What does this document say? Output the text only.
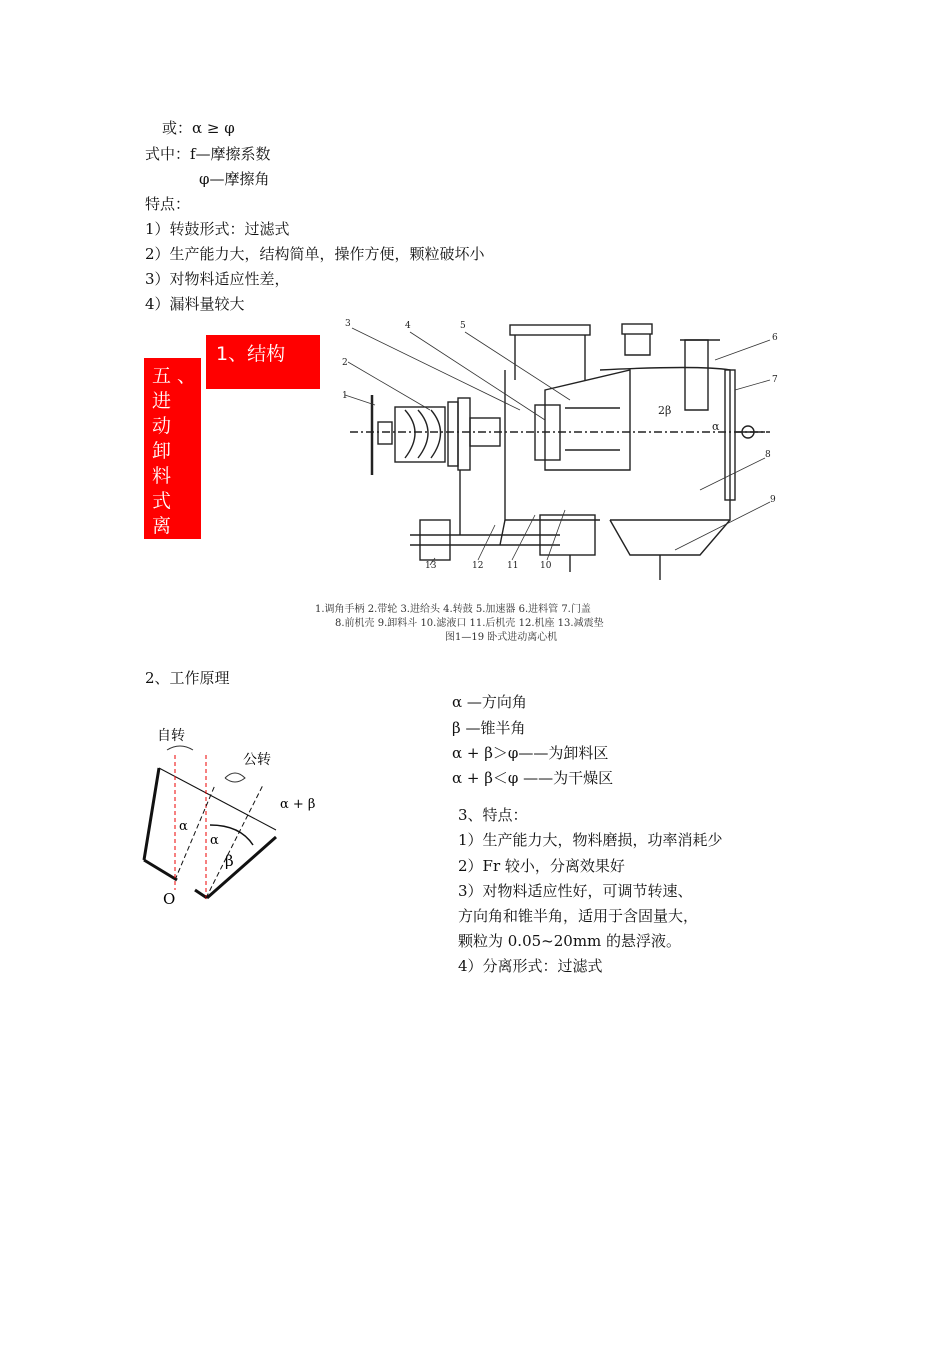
或：α ≥ φ
式中：f—摩擦系数
φ—摩擦角
特点：
1）转鼓形式：过滤式
2）生产能力大，结构简单，操作方便，颗粒破坏小
3）对物料适应性差，
4）漏料量较大
五、
进动
卸料
式离
心机
1、结构
1
2
3	4	5
6
7
8
9
10
11
12
13
2β
α
1.调角手柄 2.带轮 3.进给头 4.转鼓 5.加速器 6.进料管 7.门盖
8.前机壳 9.卸料斗 10.滤液口 11.后机壳 12.机座 13.减震垫
图1—19 卧式进动离心机
2、工作原理
自转
公转
α + β
α
α
β
O
α —方向角
β —锥半角
α + β＞φ——为卸料区
α + β＜φ ——为干燥区
3、特点：
1）生产能力大，物料磨损，功率消耗少
2）Fr 较小，分离效果好
3）对物料适应性好，可调节转速、
方向角和锥半角，适用于含固量大，
颗粒为 0.05~20mm 的悬浮液。
4）分离形式：过滤式
